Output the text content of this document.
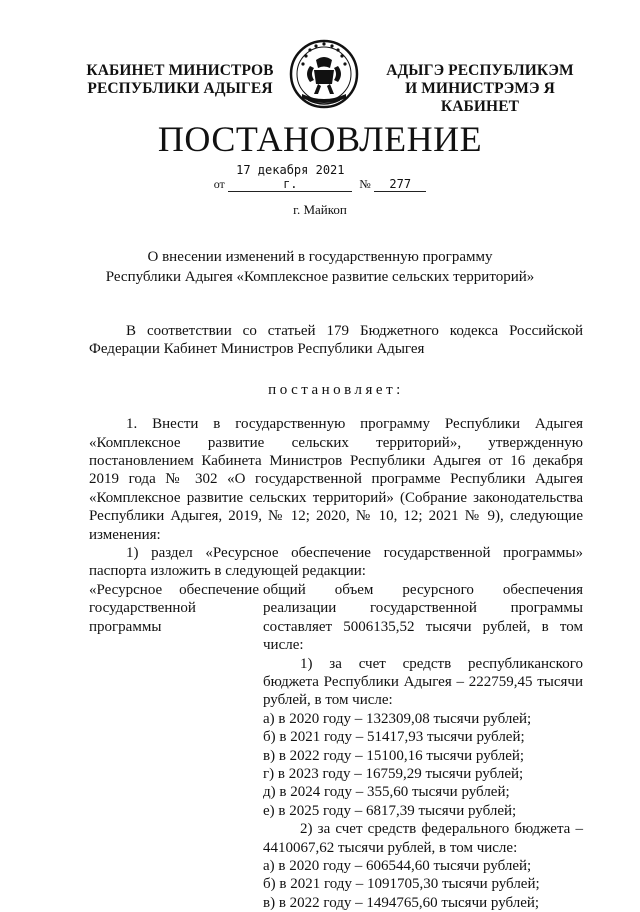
КАБИНЕТ МИНИСТРОВ
РЕСПУБЛИКИ АДЫГЕЯ
АДЫГЭ РЕСПУБЛИКЭМ
И МИНИСТРЭМЭ Я КАБИНЕТ
ПОСТАНОВЛЕНИЕ
от 17 декабря 2021 г.	№ 277
г. Майкоп
О внесении изменений в государственную программу
Республики Адыгея «Комплексное развитие сельских территорий»

В соответствии со статьей 179 Бюджетного кодекса Российской Федерации Кабинет Министров Республики Адыгея

постановляет:

1. Внести в государственную программу Республики Адыгея «Комплексное развитие сельских территорий», утвержденную постановлением Кабинета Министров Республики Адыгея от 16 декабря 2019 года № 302 «О государственной программе Республики Адыгея «Комплексное развитие сельских территорий» (Собрание законодательства Республики Адыгея, 2019, № 12; 2020, № 10, 12; 2021 № 9), следующие изменения:

1) раздел «Ресурсное обеспечение государственной программы» паспорта изложить в следующей редакции:

«Ресурсное обеспечение государственной программы

общий объем ресурсного обеспечения реализации государственной программы составляет 5006135,52 тысячи рублей, в том числе:

1) за счет средств республиканского бюджета Республики Адыгея – 222759,45 тысячи рублей, в том числе:

а) в 2020 году – 132309,08 тысячи рублей;

б) в 2021 году – 51417,93 тысячи рублей;

в) в 2022 году – 15100,16 тысячи рублей;

г) в 2023 году – 16759,29 тысячи рублей;

д) в 2024 году – 355,60 тысячи рублей;

е) в 2025 году – 6817,39 тысячи рублей;

2) за счет средств федерального бюджета – 4410067,62 тысячи рублей, в том числе:

а) в 2020 году – 606544,60 тысячи рублей;

б) в 2021 году – 1091705,30 тысячи рублей;

в) в 2022 году – 1494765,60 тысячи рублей;
